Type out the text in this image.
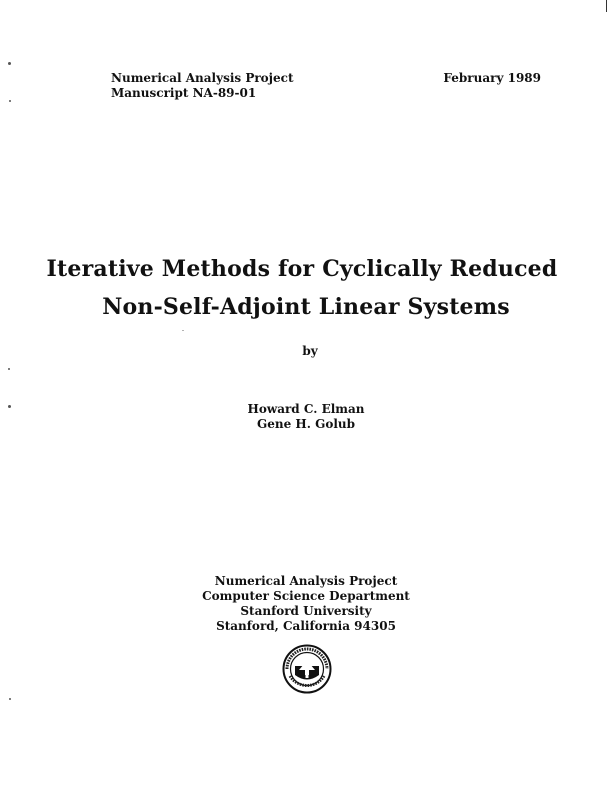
Numerical Analysis Project
Manuscript NA-89-01
February 1989
Iterative Methods for Cyclically Reduced
Non-Self-Adjoint Linear Systems
by
Howard C. Elman
Gene H. Golub
Numerical Analysis Project
Computer Science Department
Stanford University
Stanford, California 94305
